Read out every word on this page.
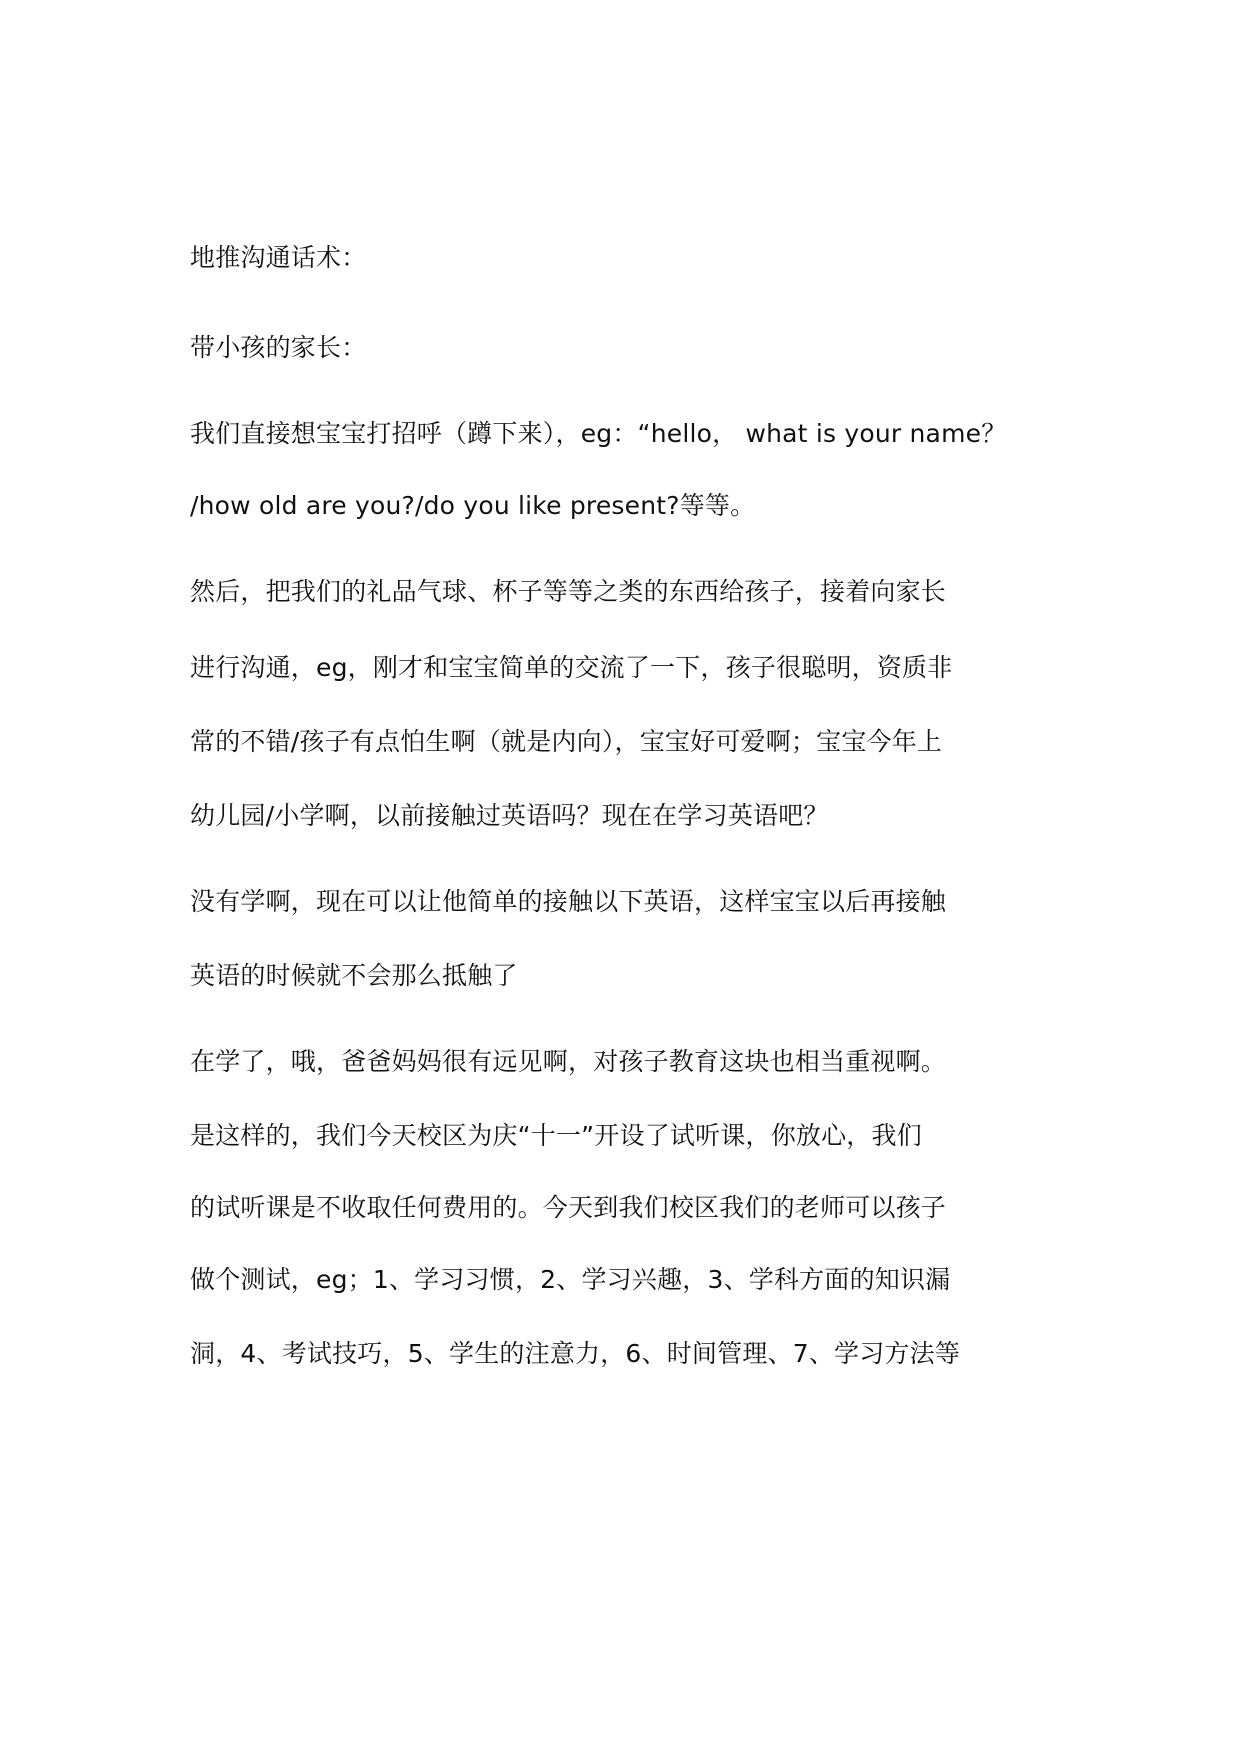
地推沟通话术：
带小孩的家长：
我们直接想宝宝打招呼（蹲下来），eg：“hello， what is your name？
/how old are you?/do you like present?等等。
然后，把我们的礼品气球、杯子等等之类的东西给孩子，接着向家长
进行沟通，eg，刚才和宝宝简单的交流了一下，孩子很聪明，资质非
常的不错/孩子有点怕生啊（就是内向），宝宝好可爱啊；宝宝今年上
幼儿园/小学啊，以前接触过英语吗？现在在学习英语吧？
没有学啊，现在可以让他简单的接触以下英语，这样宝宝以后再接触
英语的时候就不会那么抵触了
在学了，哦，爸爸妈妈很有远见啊，对孩子教育这块也相当重视啊。
是这样的，我们今天校区为庆“十一”开设了试听课，你放心，我们
的试听课是不收取任何费用的。今天到我们校区我们的老师可以孩子
做个测试，eg；1、学习习惯，2、学习兴趣，3、学科方面的知识漏
洞，4、考试技巧，5、学生的注意力，6、时间管理、7、学习方法等
